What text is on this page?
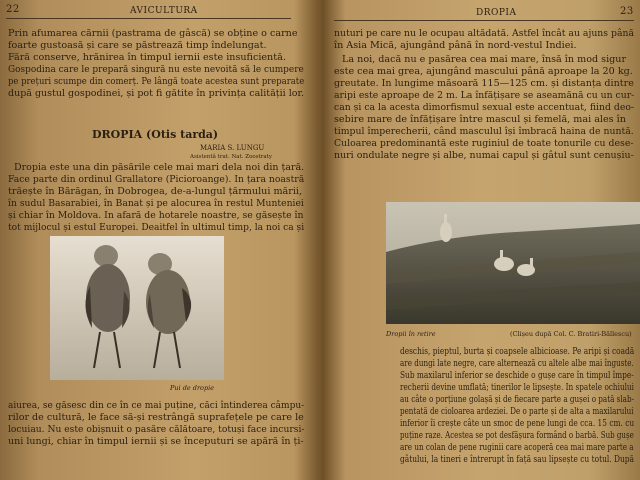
22	AVICULTURA
Prin afumarea cărnii (pastrama de gâscă) se obține o carne
foarte gustoasă și care se păstrează timp îndelungat.
Fără conserve, hrănirea în timpul iernii este insuficientă.
Gospodina care le prepară singură nu este nevoită să le cumpere
pe prețuri scumpe din comerț. Pe lângă toate acestea sunt preparate
după gustul gospodinei, și pot fi gătite în privința calității lor.
DROPIA (Otis tarda)
MARIA S. LUNGU
Asistentă trat. Nat. Zoostraty
Dropia este una din păsările cele mai mari dela noi din țară.
Face parte din ordinul Grallatore (Picioroange). In țara noastră
trăește în Bărăgan, în Dobrogea, de-a-lungul țărmului mării,
în sudul Basarabiei, în Banat și pe alocurea în restul Munteniei
și chiar în Moldova. In afară de hotarele noastre, se găsește în
tot mijlocul și estul Europei. Deaitfel în ultimul timp, la noi ca și
Pui de dropie
aiurea, se găsesc din ce în ce mai puține, căci întinderea câmpu-
rilor de cultură, le face să-și restrângă suprafețele pe care le
locuiau. Nu este obișnuit o pasăre călătoare, totuși face incursi-
uni lungi, chiar în timpul iernii și se începuturi se apără în ți-
DROPIA	23
nuturi pe care nu le ocupau altădată. Astfel încât au ajuns până
în Asia Mică, ajungând până în nord-vestul Indiei.
La noi, dacă nu e pasărea cea mai mare, însă în mod sigur
este cea mai grea, ajungând mascului până aproape la 20 kg.
greutate. In lungime măsoară 115—125 cm. și distanța dintre
aripi este aproape de 2 m. La înfățișare se aseamănă cu un cur-
can și ca la acesta dimorfismul sexual este accentuat, fiind deo-
sebire mare de înfățișare între mascul și femelă, mai ales în
timpul împerecherii, când masculul își îmbracă haina de nuntă.
Culoarea predominantă este ruginiul de toate tonurile cu dese-
nuri ondulate negre și albe, numai capul și gâtul sunt cenușiu-
Dropii în retire	(Clișeu după Col. C. Bratiri-Băllescu)
deschis, pieptul, burta și coapsele albicioase. Pe aripi și coadă
are dungi late negre, care alternează cu altele albe mai înguste.
Sub maxilarul inferior se deschide o gușe care în timpul împe-
recherii devine umflată; tinerilor le lipsește. In spatele ochiului
au câte o porțiune golașă și de fiecare parte a gușei o pată slab-
pentată de cioloarea ardeziei. De o parte și de alta a maxilarului
inferior îi crește câte un smoc de pene lungi de cca. 15 cm. cu
puține raze. Acestea se pot desfășura formând o barbă. Sub gușe
are un colan de pene ruginii care acoperă cea mai mare parte a
gâtului, la tineri e întrerupt în față sau lipsește cu totul. După
